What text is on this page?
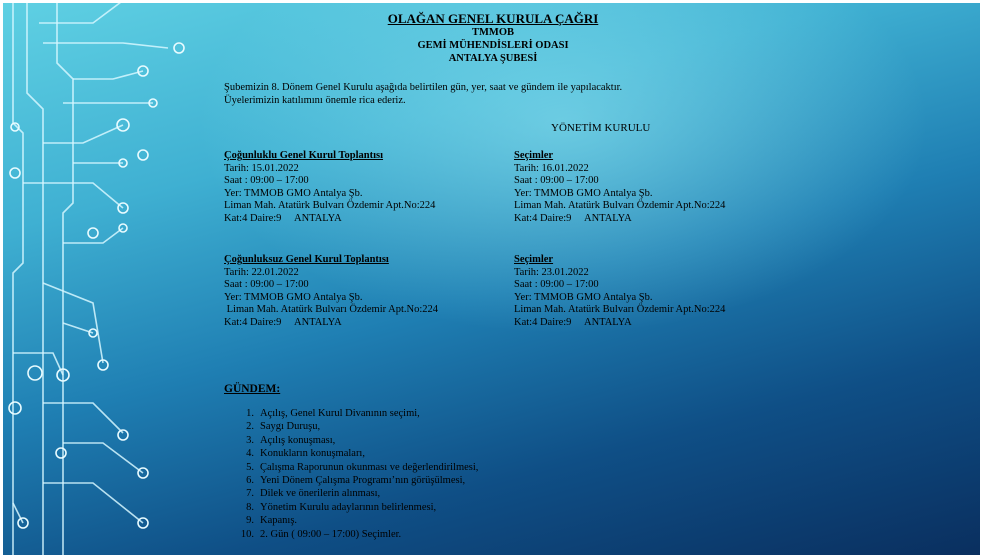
OLAĞAN GENEL KURULA ÇAĞRI
TMMOB
GEMİ MÜHENDİSLERİ ODASI
ANTALYA ŞUBESİ
Şubemizin 8. Dönem Genel Kurulu aşağıda belirtilen gün, yer, saat ve gündem ile yapılacaktır.
Üyelerimizin katılımını önemle rica ederiz.
YÖNETİM KURULU
Çoğunluklu Genel Kurul Toplantısı
Tarih: 15.01.2022
Saat : 09:00 – 17:00
Yer: TMMOB GMO Antalya Şb.
Liman Mah. Atatürk Bulvarı Özdemir Apt.No:224
Kat:4 Daire:9     ANTALYA
Seçimler
Tarih: 16.01.2022
Saat : 09:00 – 17:00
Yer: TMMOB GMO Antalya Şb.
Liman Mah. Atatürk Bulvarı Özdemir Apt.No:224
Kat:4 Daire:9     ANTALYA
Çoğunluksuz Genel Kurul Toplantısı
Tarih: 22.01.2022
Saat : 09:00 – 17:00
Yer: TMMOB GMO Antalya Şb.
Liman Mah. Atatürk Bulvarı Özdemir Apt.No:224
Kat:4 Daire:9     ANTALYA
Seçimler
Tarih: 23.01.2022
Saat : 09:00 – 17:00
Yer: TMMOB GMO Antalya Şb.
Liman Mah. Atatürk Bulvarı Özdemir Apt.No:224
Kat:4 Daire:9     ANTALYA
GÜNDEM:
1. Açılış, Genel Kurul Divanının seçimi,
2. Saygı Duruşu,
3. Açılış konuşması,
4. Konukların konuşmaları,
5. Çalışma Raporunun okunması ve değerlendirilmesi,
6. Yeni Dönem Çalışma Programı’nın görüşülmesi,
7. Dilek ve önerilerin alınması,
8. Yönetim Kurulu adaylarının belirlenmesi,
9. Kapanış.
10. 2. Gün ( 09:00 – 17:00) Seçimler.
